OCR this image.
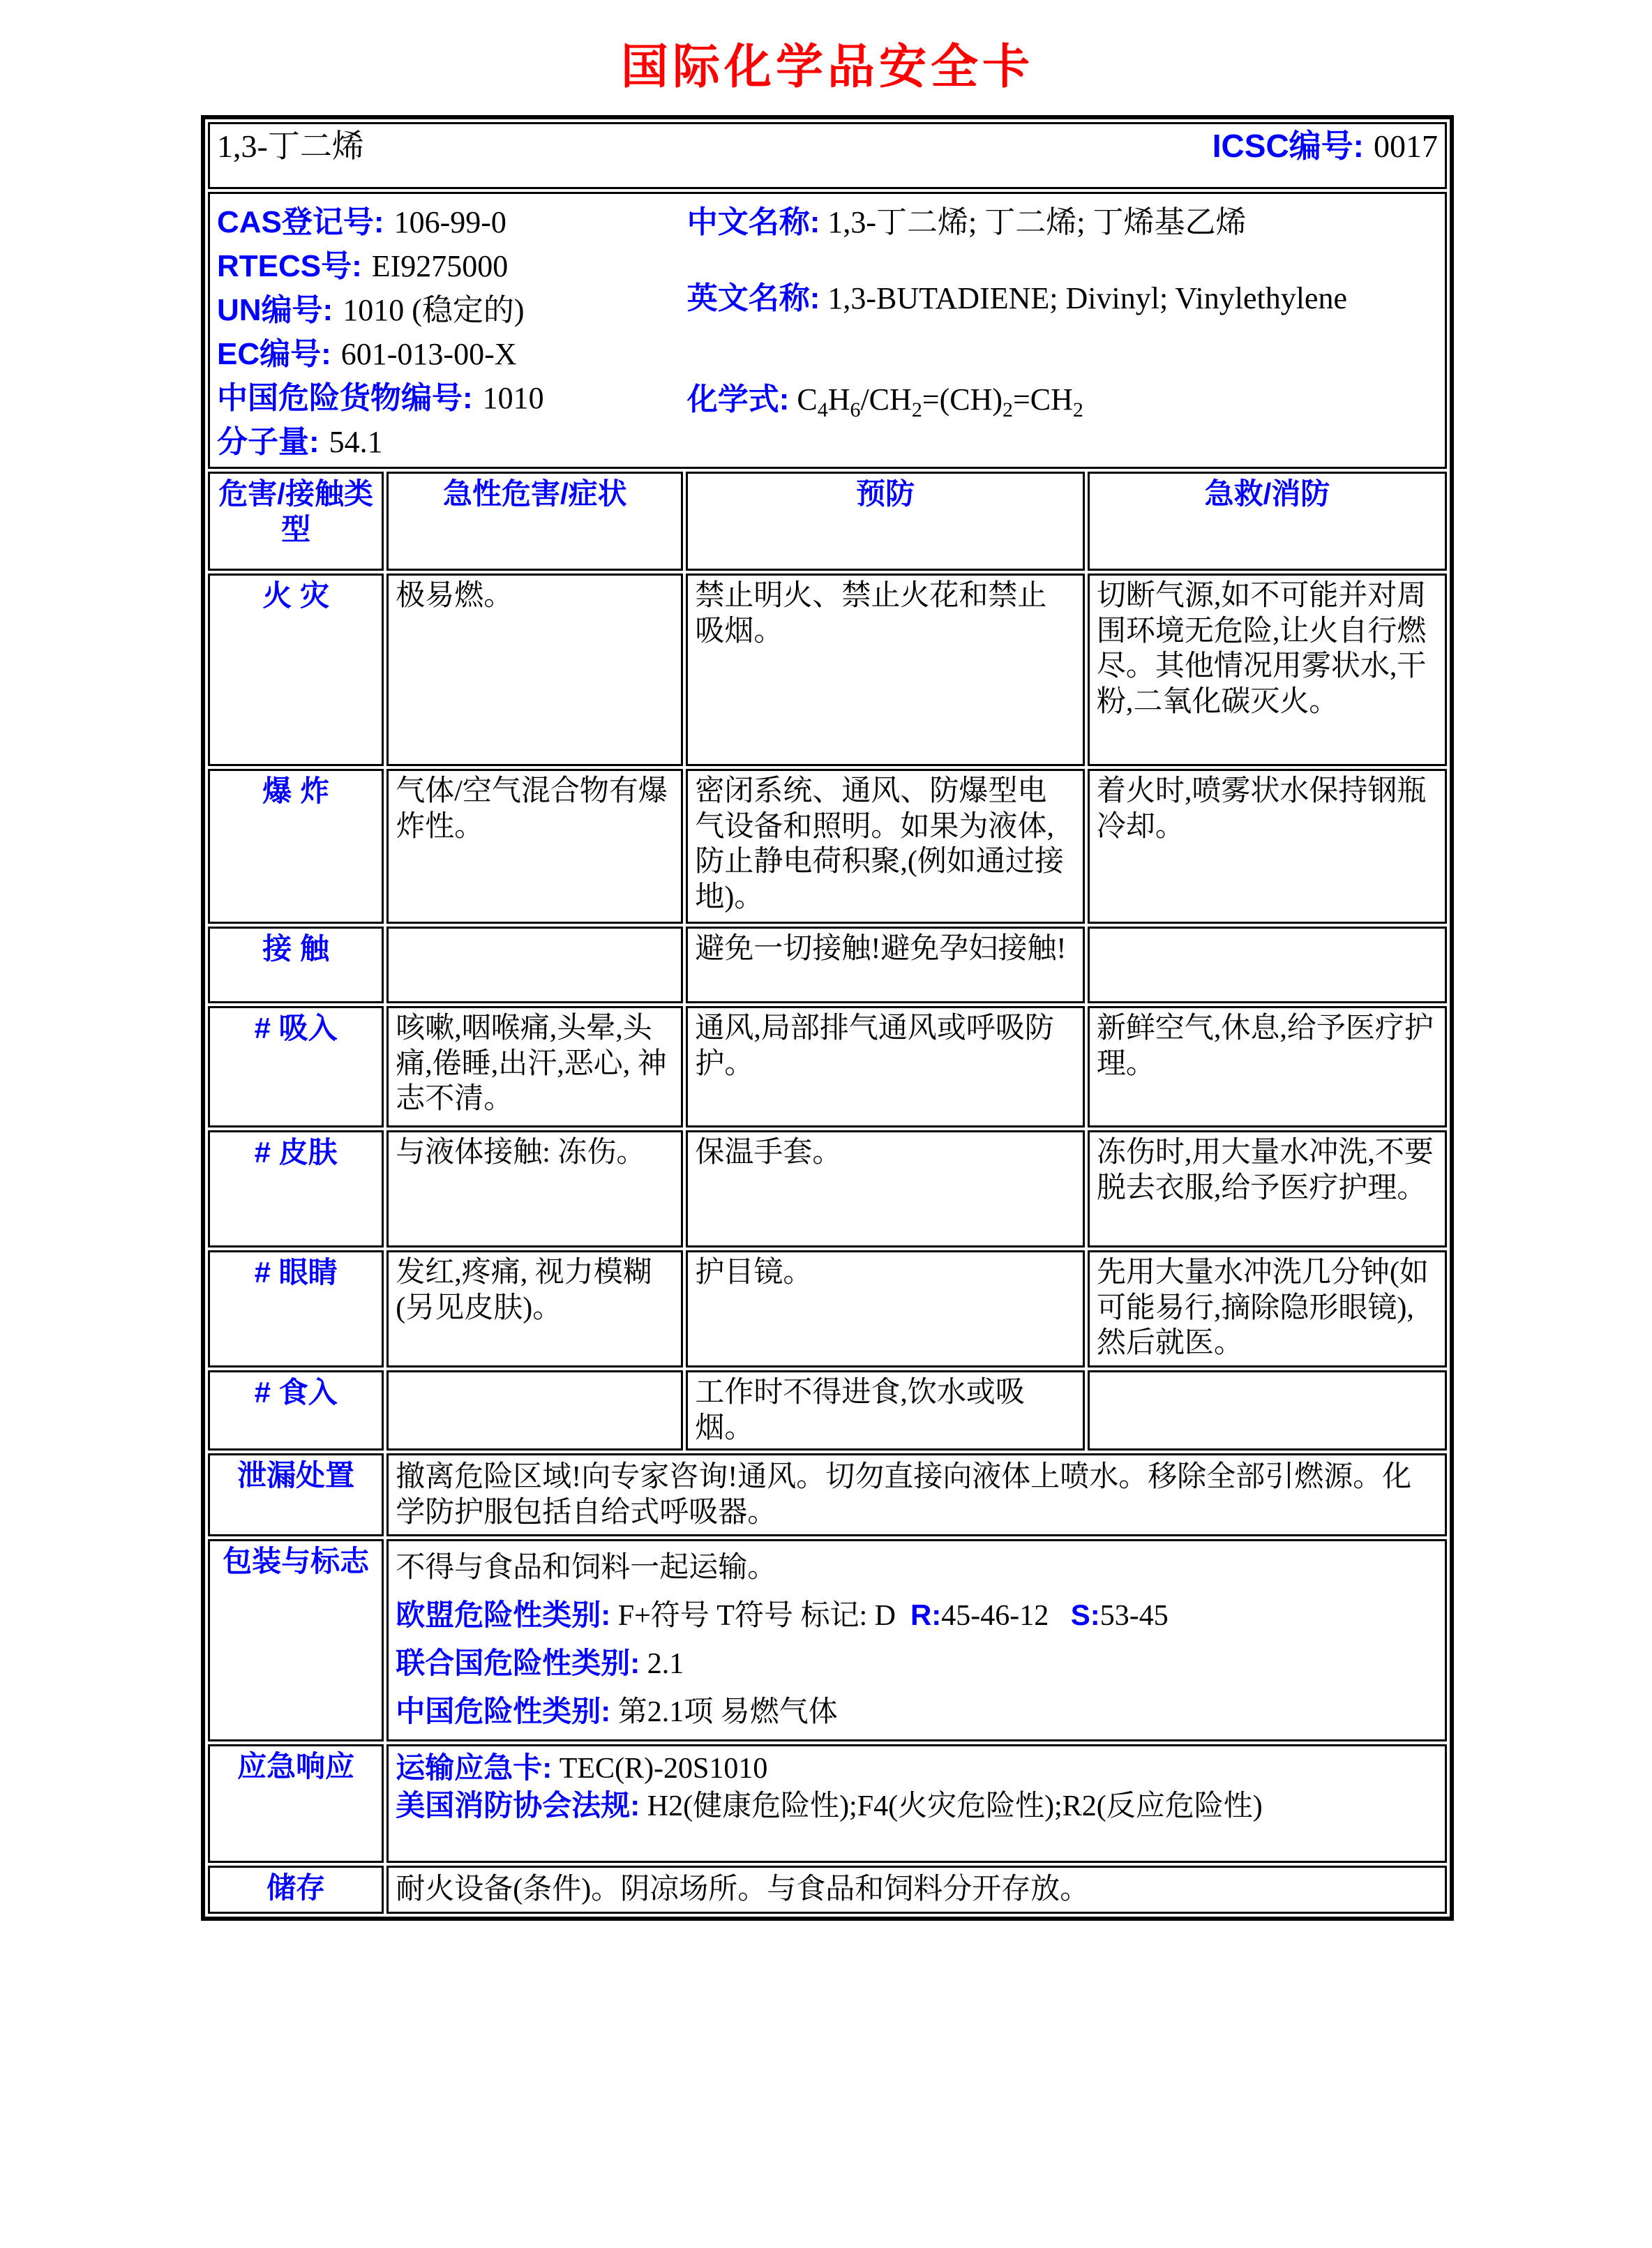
国际化学品安全卡
1,3-丁二烯 ICSC编号: 0017			

CAS登记号: 106-99-0
RTECS号: EI9275000
UN编号: 1010 (稳定的)
EC编号: 601-013-00-X
中国危险货物编号: 1010
分子量: 54.1
中文名称: 1,3-丁二烯; 丁二烯; 丁烯基乙烯
英文名称: 1,3-BUTADIENE; Divinyl; Vinylethylene
化学式: $C_4H_6/CH_2=(CH)_2=CH_2$

危害/接触类型	急性危害/症状	预防	急救/消防
火 灾	极易燃。	禁止明火、禁止火花和禁止吸烟。	切断气源,如不可能并对周围环境无危险,让火自行燃尽。其他情况用雾状水,干粉,二氧化碳灭火。
爆 炸	气体/空气混合物有爆炸性。	密闭系统、通风、防爆型电气设备和照明。如果为液体,防止静电荷积聚,(例如通过接地)。	着火时,喷雾状水保持钢瓶冷却。
接 触		避免一切接触!避免孕妇接触!	
# 吸入	咳嗽,咽喉痛,头晕,头痛,倦睡,出汗,恶心, 神志不清。	通风,局部排气通风或呼吸防护。	新鲜空气,休息,给予医疗护理。
# 皮肤	与液体接触: 冻伤。	保温手套。	冻伤时,用大量水冲洗,不要脱去衣服,给予医疗护理。
# 眼睛	发红,疼痛, 视力模糊(另见皮肤)。	护目镜。	先用大量水冲洗几分钟(如可能易行,摘除隐形眼镜),然后就医。
# 食入		工作时不得进食,饮水或吸烟。	
泄漏处置	撤离危险区域!向专家咨询!通风。切勿直接向液体上喷水。移除全部引燃源。化学防护服包括自给式呼吸器。		

包装与标志	不得与食品和饲料一起运输。
欧盟危险性类别: F+符号 T符号 标记: D  R:45-46-12   S:53-45
联合国危险性类别: 2.1
中国危险性类别: 第2.1项 易燃气体		

应急响应	运输应急卡: TEC(R)-20S1010
美国消防协会法规: H2(健康危险性);F4(火灾危险性);R2(反应危险性)		

储存	耐火设备(条件)。阴凉场所。与食品和饲料分开存放。		
